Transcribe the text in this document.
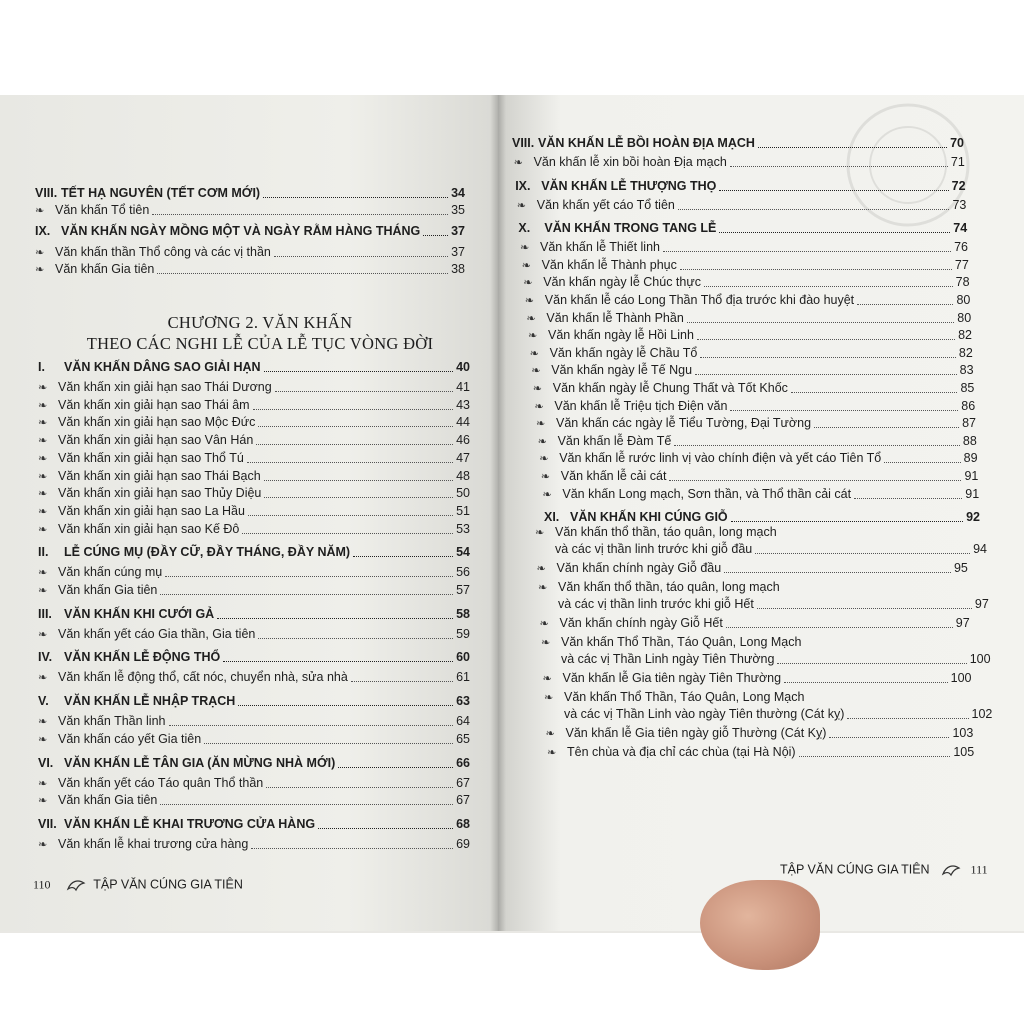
VIII. TẾT HẠ NGUYÊN (TẾT CƠM MỚI)	34
❧ Văn khấn Tổ tiên	35
IX. VĂN KHẤN NGÀY MỒNG MỘT VÀ NGÀY RẰM HÀNG THÁNG 37
❧ Văn khấn thần Thổ công và các vị thần	37
❧ Văn khấn Gia tiên	38
I. VĂN KHẤN DÂNG SAO GIẢI HẠN	40
❧ Văn khấn xin giải hạn sao Thái Dương	41
❧ Văn khấn xin giải hạn sao Thái âm	43
❧ Văn khấn xin giải hạn sao Mộc Đức	44
❧ Văn khấn xin giải hạn sao Vân Hán	46
❧ Văn khấn xin giải hạn sao Thổ Tú	47
❧ Văn khấn xin giải hạn sao Thái Bạch	48
❧ Văn khấn xin giải hạn sao Thủy Diệu	50
❧ Văn khấn xin giải hạn sao La Hầu	51
❧ Văn khấn xin giải hạn sao Kế Đô	53
II. LỄ CÚNG MỤ (ĐẦY CỮ, ĐẦY THÁNG, ĐẦY NĂM)	54
❧ Văn khấn cúng mụ	56
❧ Văn khấn Gia tiên	57
III. VĂN KHẤN KHI CƯỚI GẢ	58
❧ Văn khấn yết cáo Gia thần, Gia tiên	59
IV. VĂN KHẤN LỄ ĐỘNG THỔ	60
❧ Văn khấn lễ động thổ, cất nóc, chuyển nhà, sửa nhà	61
V. VĂN KHẤN LỄ NHẬP TRẠCH	63
❧ Văn khấn Thần linh	64
❧ Văn khấn cáo yết Gia tiên	65
VI. VĂN KHẤN LỄ TÂN GIA (ĂN MỪNG NHÀ MỚI)	66
❧ Văn khấn yết cáo Táo quân Thổ thần	67
❧ Văn khấn Gia tiên	67
VII. VĂN KHẤN LỄ KHAI TRƯƠNG CỬA HÀNG	68
❧ Văn khấn lễ khai trương cửa hàng	69
CHƯƠNG 2. VĂN KHẤN
THEO CÁC NGHI LỄ CỦA LỄ TỤC VÒNG ĐỜI
VIII. VĂN KHẤN LỄ BỒI HOÀN ĐỊA MẠCH	70
❧ Văn khấn lễ xin bồi hoàn Địa mạch	71
IX. VĂN KHẤN LỄ THƯỢNG THỌ	72
❧ Văn khấn yết cáo Tổ tiên	73
X. VĂN KHẤN TRONG TANG LỄ	74
❧ Văn khấn lễ Thiết linh	76
❧ Văn khấn lễ Thành phục	77
❧ Văn khấn ngày lễ Chúc thực	78
❧ Văn khấn lễ cáo Long Thần Thổ địa trước khi đào huyệt	80
❧ Văn khấn lễ Thành Phần	80
❧ Văn khấn ngày lễ Hồi Linh	82
❧ Văn khấn ngày lễ Chầu Tổ	82
❧ Văn khấn ngày lễ Tế Ngu	83
❧ Văn khấn ngày lễ Chung Thất và Tốt Khốc	85
❧ Văn khấn lễ Triệu tịch Điện văn	86
❧ Văn khấn các ngày lễ Tiểu Tường, Đại Tường	87
❧ Văn khấn lễ Đàm Tế	88
❧ Văn khấn lễ rước linh vị vào chính điện và yết cáo Tiên Tổ	89
❧ Văn khấn lễ cải cát	91
❧ Văn khấn Long mạch, Sơn thần, và Thổ thần cải cát	91
XI. VĂN KHẤN KHI CÚNG GIỖ	92
❧ Văn khấn thổ thần, táo quân, long mạch
và các vị thần linh trước khi giỗ đầu	94
❧ Văn khấn chính ngày Giỗ đầu	95
❧ Văn khấn thổ thần, táo quân, long mạch
và các vị thần linh trước khi giỗ Hết	97
❧ Văn khấn chính ngày Giỗ Hết	97
❧ Văn khấn Thổ Thần, Táo Quân, Long Mạch
và các vị Thần Linh ngày Tiên Thường	100
❧ Văn khấn lễ Gia tiên ngày Tiên Thường	100
❧ Văn khấn Thổ Thần, Táo Quân, Long Mạch
và các vị Thần Linh vào ngày Tiên thường (Cát kỵ)	102
❧ Văn khấn lễ Gia tiên ngày giỗ Thường (Cát Kỵ)	103
❧ Tên chùa và địa chỉ các chùa (tại Hà Nội)	105
110	TẬP VĂN CÚNG GIA TIÊN
TẬP VĂN CÚNG GIA TIÊN	111
